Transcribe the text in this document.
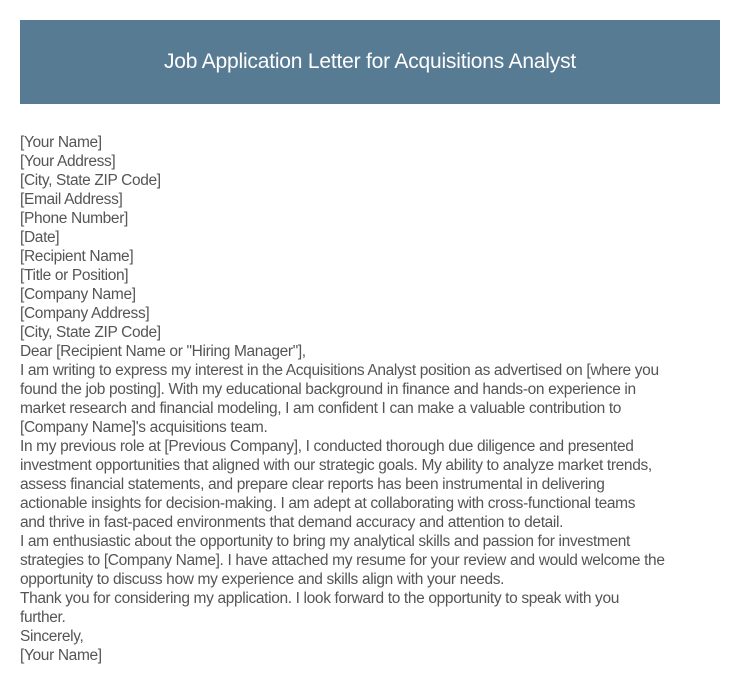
Job Application Letter for Acquisitions Analyst
[Your Name]
[Your Address]
[City, State ZIP Code]
[Email Address]
[Phone Number]
[Date]
[Recipient Name]
[Title or Position]
[Company Name]
[Company Address]
[City, State ZIP Code]
Dear [Recipient Name or "Hiring Manager"],
I am writing to express my interest in the Acquisitions Analyst position as advertised on [where you
found the job posting]. With my educational background in finance and hands-on experience in
market research and financial modeling, I am confident I can make a valuable contribution to
[Company Name]'s acquisitions team.
In my previous role at [Previous Company], I conducted thorough due diligence and presented
investment opportunities that aligned with our strategic goals. My ability to analyze market trends,
assess financial statements, and prepare clear reports has been instrumental in delivering
actionable insights for decision-making. I am adept at collaborating with cross-functional teams
and thrive in fast-paced environments that demand accuracy and attention to detail.
I am enthusiastic about the opportunity to bring my analytical skills and passion for investment
strategies to [Company Name]. I have attached my resume for your review and would welcome the
opportunity to discuss how my experience and skills align with your needs.
Thank you for considering my application. I look forward to the opportunity to speak with you
further.
Sincerely,
[Your Name]
